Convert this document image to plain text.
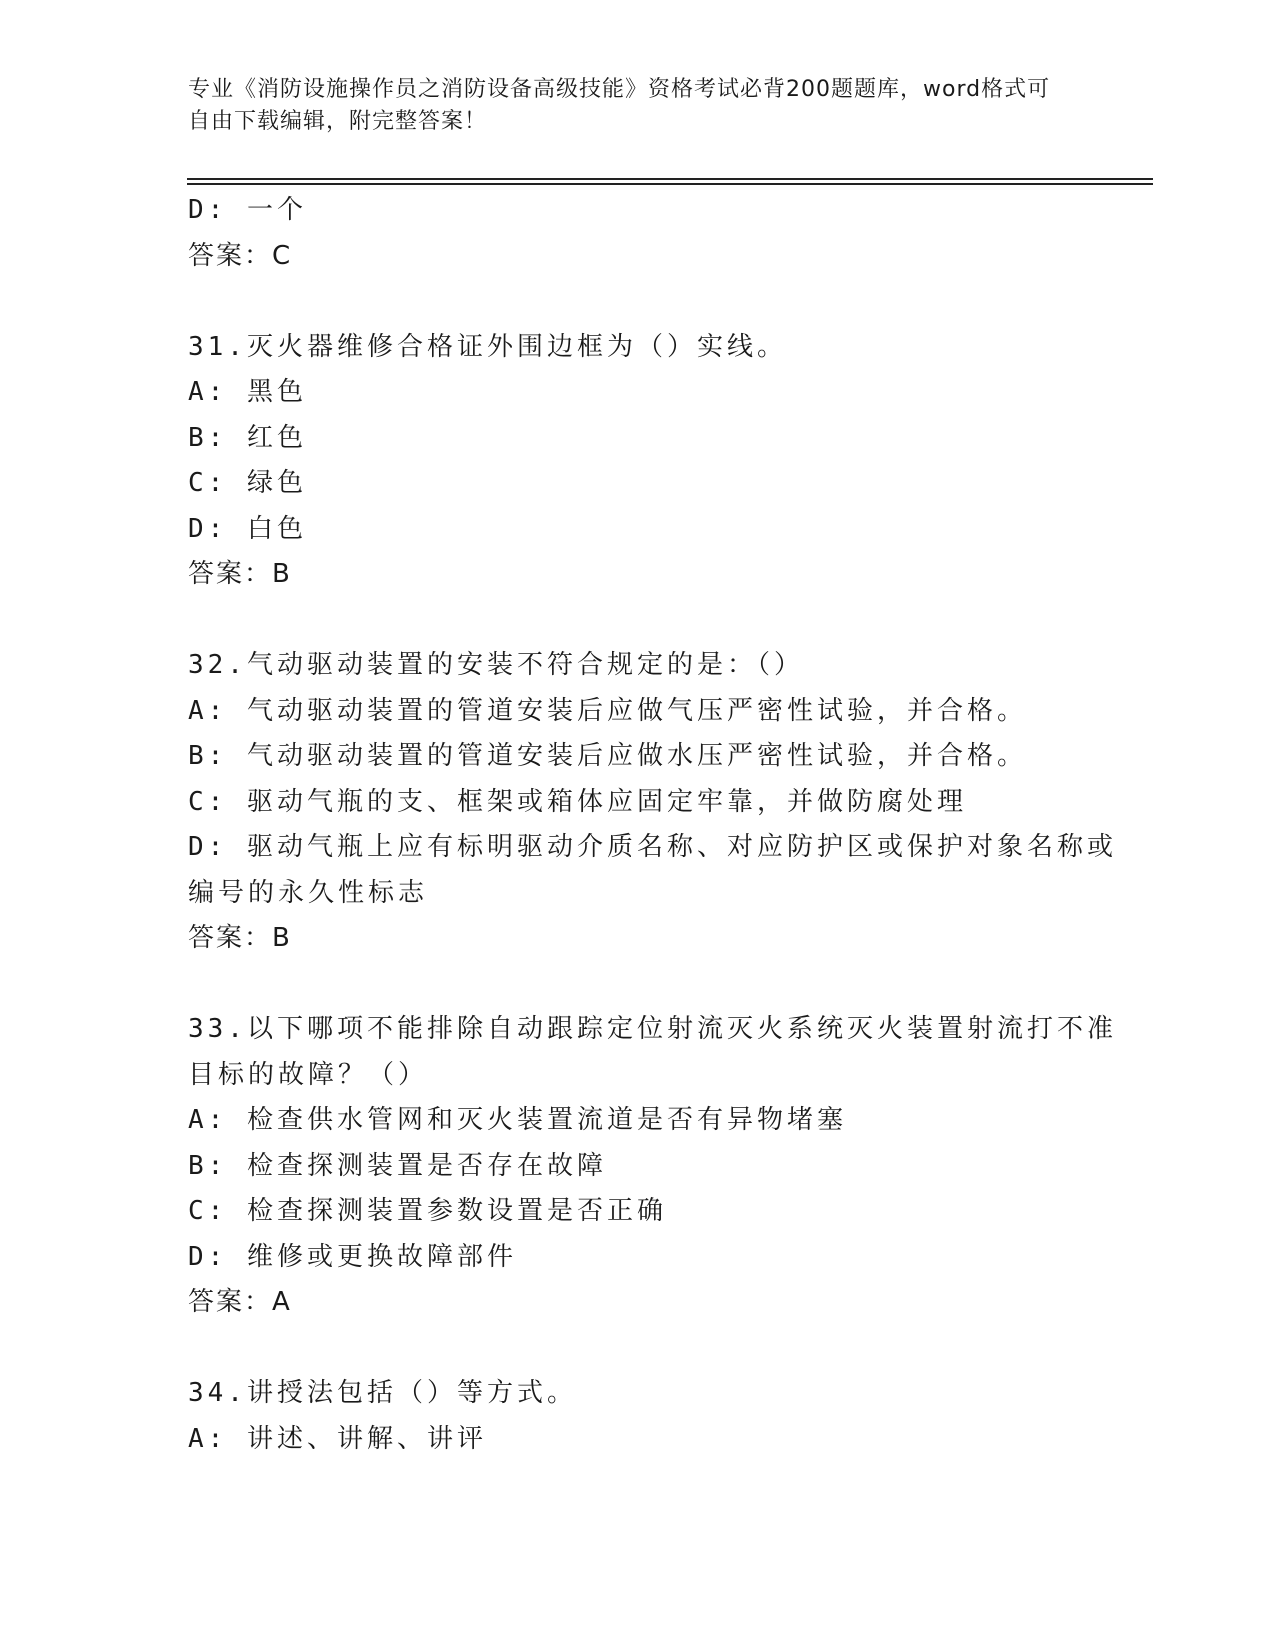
专业《消防设施操作员之消防设备高级技能》资格考试必背200题题库，word格式可自由下载编辑，附完整答案！
D: 一个
答案：C
31.灭火器维修合格证外围边框为（）实线。
A: 黑色
B: 红色
C: 绿色
D: 白色
答案：B
32.气动驱动装置的安装不符合规定的是：（）
A: 气动驱动装置的管道安装后应做气压严密性试验，并合格。
B: 气动驱动装置的管道安装后应做水压严密性试验，并合格。
C: 驱动气瓶的支、框架或箱体应固定牢靠，并做防腐处理
D: 驱动气瓶上应有标明驱动介质名称、对应防护区或保护对象名称或
编号的永久性标志
答案：B
33.以下哪项不能排除自动跟踪定位射流灭火系统灭火装置射流打不准
目标的故障？（）
A: 检查供水管网和灭火装置流道是否有异物堵塞
B: 检查探测装置是否存在故障
C: 检查探测装置参数设置是否正确
D: 维修或更换故障部件
答案：A
34.讲授法包括（）等方式。
A: 讲述、讲解、讲评
